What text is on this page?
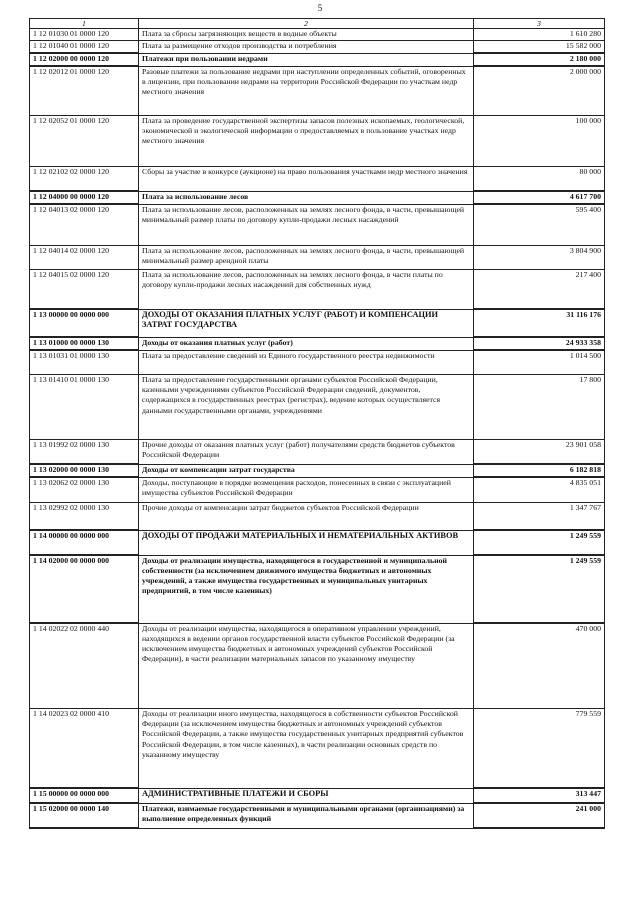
5
1	2	3
1 12 01030 01 0000 120	Плата за сбросы загрязняющих веществ в водные объекты	1 610 280
1 12 01040 01 0000 120	Плата за размещение отходов производства и потребления	15 582 000
1 12 02000 00 0000 120	Платежи при пользовании недрами	2 180 000
1 12 02012 01 0000 120	Разовые платежи за пользование недрами при наступлении определенных событий, оговоренных в лицензии, при пользовании недрами на территории Российской Федерации по участкам недр местного значения	2 000 000
1 12 02052 01 0000 120	Плата за проведение государственной экспертизы запасов полезных ископаемых, геологической, экономической и экологической информации о предоставляемых в пользование участках недр местного значения	100 000
1 12 02102 02 0000 120	Сборы за участие в конкурсе (аукционе) на право пользования участками недр местного значения	80 000
1 12 04000 00 0000 120	Плата за использование лесов	4 617 700
1 12 04013 02 0000 120	Плата за использование лесов, расположенных на землях лесного фонда, в части, превышающей минимальный размер платы по договору купли-продажи лесных насаждений	595 400
1 12 04014 02 0000 120	Плата за использование лесов, расположенных на землях лесного фонда, в части, превышающей минимальный размер арендной платы	3 804 900
1 12 04015 02 0000 120	Плата за использование лесов, расположенных на землях лесного фонда, в части платы по договору купли-продажи лесных насаждений для собственных нужд	217 400
1 13 00000 00 0000 000	ДОХОДЫ ОТ ОКАЗАНИЯ ПЛАТНЫХ УСЛУГ (РАБОТ) И КОМПЕНСАЦИИ ЗАТРАТ ГОСУДАРСТВА	31 116 176
1 13 01000 00 0000 130	Доходы от оказания платных услуг (работ)	24 933 358
1 13 01031 01 0000 130	Плата за предоставление сведений из Единого государственного реестра недвижимости	1 014 500
1 13 01410 01 0000 130	Плата за предоставление государственными органами субъектов Российской Федерации, казенными учреждениями субъектов Российской Федерации сведений, документов, содержащихся в государственных реестрах (регистрах), ведение которых осуществляется данными государственными органами, учреждениями	17 800
1 13 01992 02 0000 130	Прочие доходы от оказания платных услуг (работ) получателями средств бюджетов субъектов Российской Федерации	23 901 058
1 13 02000 00 0000 130	Доходы от компенсации затрат государства	6 182 818
1 13 02062 02 0000 130	Доходы, поступающие в порядке возмещения расходов, понесенных в связи с эксплуатацией имущества субъектов Российской Федерации	4 835 051
1 13 02992 02 0000 130	Прочие доходы от компенсации затрат бюджетов субъектов Российской Федерации	1 347 767
1 14 00000 00 0000 000	ДОХОДЫ ОТ ПРОДАЖИ МАТЕРИАЛЬНЫХ И НЕМАТЕРИАЛЬНЫХ АКТИВОВ	1 249 559
1 14 02000 00 0000 000	Доходы от реализации имущества, находящегося в государственной и муниципальной собственности (за исключением движимого имущества бюджетных и автономных учреждений, а также имущества государственных и муниципальных унитарных предприятий, в том числе казенных)	1 249 559
1 14 02022 02 0000 440	Доходы от реализации имущества, находящегося в оперативном управлении учреждений, находящихся в ведении органов государственной власти субъектов Российской Федерации (за исключением имущества бюджетных и автономных учреждений субъектов Российской Федерации), в части реализации материальных запасов по указанному имуществу	470 000
1 14 02023 02 0000 410	Доходы от реализации иного имущества, находящегося в собственности субъектов Российской Федерации (за исключением имущества бюджетных и автономных учреждений субъектов Российской Федерации, а также имущества государственных унитарных предприятий субъектов Российской Федерации, в том числе казенных), в части реализации основных средств по указанному имуществу	779 559
1 15 00000 00 0000 000	АДМИНИСТРАТИВНЫЕ ПЛАТЕЖИ И СБОРЫ	313 447
1 15 02000 00 0000 140	Платежи, взимаемые государственными и муниципальными органами (организациями) за выполнение определенных функций	241 000
